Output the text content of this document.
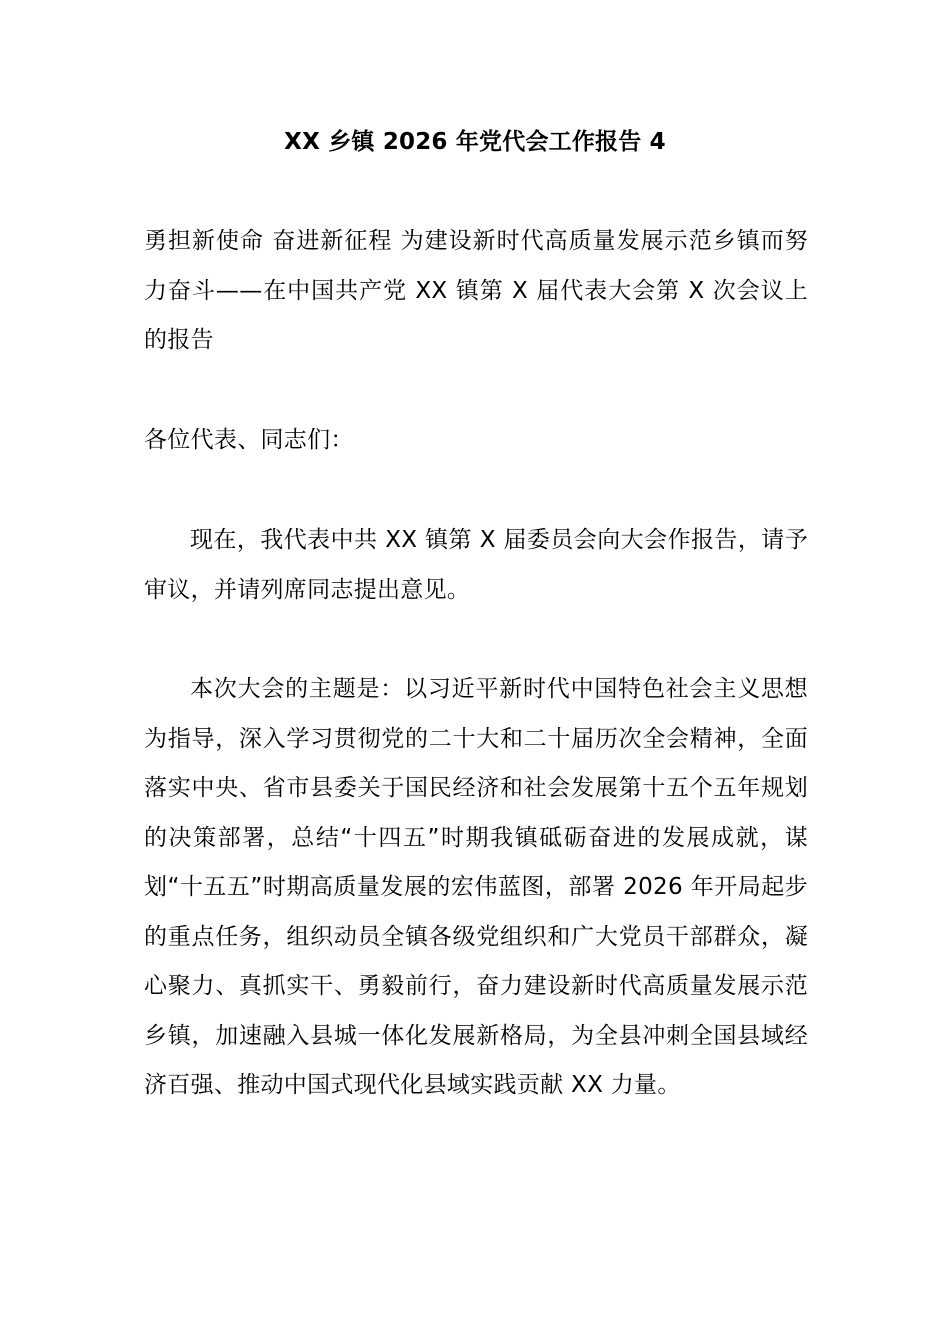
XX 乡镇 2026 年党代会工作报告 4

勇担新使命 奋进新征程 为建设新时代高质量发展示范乡镇而努力奋斗——在中国共产党 XX 镇第 X 届代表大会第 X 次会议上的报告

各位代表、同志们：

现在，我代表中共 XX 镇第 X 届委员会向大会作报告，请予审议，并请列席同志提出意见。

本次大会的主题是：以习近平新时代中国特色社会主义思想为指导，深入学习贯彻党的二十大和二十届历次全会精神，全面落实中央、省市县委关于国民经济和社会发展第十五个五年规划的决策部署，总结“十四五”时期我镇砥砺奋进的发展成就，谋划“十五五”时期高质量发展的宏伟蓝图，部署 2026 年开局起步的重点任务，组织动员全镇各级党组织和广大党员干部群众，凝心聚力、真抓实干、勇毅前行，奋力建设新时代高质量发展示范乡镇，加速融入县城一体化发展新格局，为全县冲刺全国县域经济百强、推动中国式现代化县域实践贡献 XX 力量。
